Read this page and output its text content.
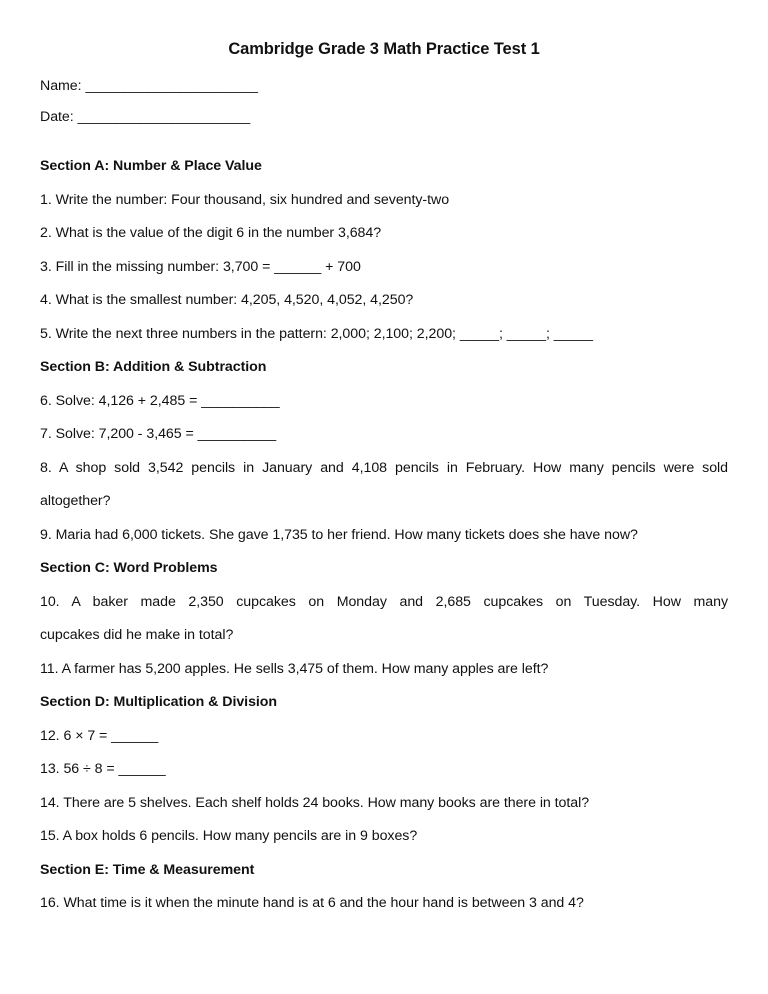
Cambridge Grade 3 Math Practice Test 1
Name: ______________________
Date: ______________________
Section A: Number & Place Value
1. Write the number: Four thousand, six hundred and seventy-two
2. What is the value of the digit 6 in the number 3,684?
3. Fill in the missing number: 3,700 = ______ + 700
4. What is the smallest number: 4,205, 4,520, 4,052, 4,250?
5. Write the next three numbers in the pattern: 2,000; 2,100; 2,200; _____; _____; _____
Section B: Addition & Subtraction
6. Solve: 4,126 + 2,485 = __________
7. Solve: 7,200 - 3,465 = __________
8. A shop sold 3,542 pencils in January and 4,108 pencils in February. How many pencils were sold
altogether?
9. Maria had 6,000 tickets. She gave 1,735 to her friend. How many tickets does she have now?
Section C: Word Problems
10. A baker made 2,350 cupcakes on Monday and 2,685 cupcakes on Tuesday. How many
cupcakes did he make in total?
11. A farmer has 5,200 apples. He sells 3,475 of them. How many apples are left?
Section D: Multiplication & Division
12. 6 × 7 = ______
13. 56 ÷ 8 = ______
14. There are 5 shelves. Each shelf holds 24 books. How many books are there in total?
15. A box holds 6 pencils. How many pencils are in 9 boxes?
Section E: Time & Measurement
16. What time is it when the minute hand is at 6 and the hour hand is between 3 and 4?
